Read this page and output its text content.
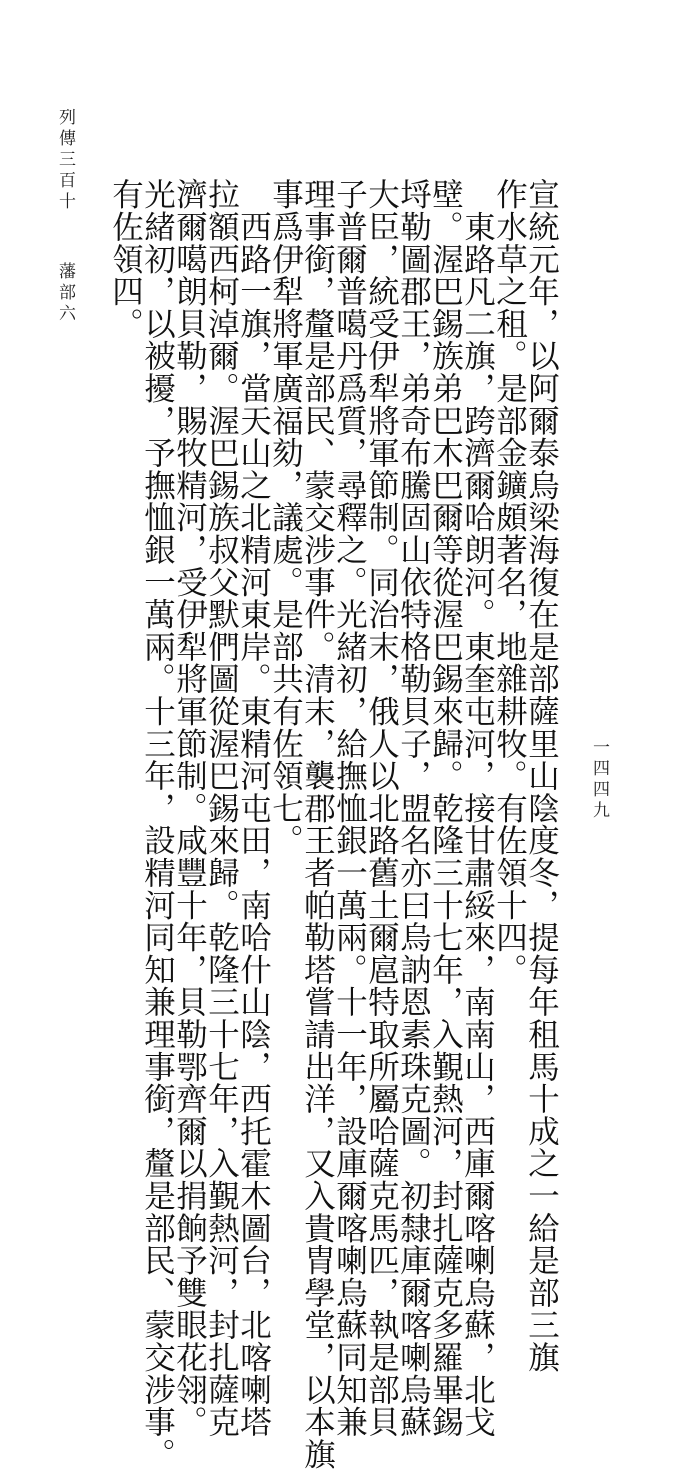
宣統元年，以阿爾泰烏梁海復在是部薩里山陰度冬，提每年租馬十成之一給是部三旗
作水草之租。是部金鑛頗著名，地雜耕牧。有佐領十四。
　東路凡二旗，跨濟爾哈朗河。東奎屯河，接甘肅綏來，南南山，西庫爾喀喇烏蘇，北戈
壁。渥巴錫族弟巴木巴爾等從渥巴錫來歸。乾隆三十七年，入覲熱河，封扎薩克多羅畢錫
埒勒圖郡王，弟奇布騰固山依特格勒貝子，盟名亦曰烏訥恩素珠克圖。初隸庫爾喀喇烏蘇
大臣，統受伊犁將軍節制。同治末，俄人以北路舊土爾扈特取所屬哈薩克馬匹，執是部貝
子普爾普噶丹爲質，尋釋之。光緒初，給撫恤銀一萬兩。十一年，設庫爾喀喇烏蘇同知兼
理事銜，釐是部民、蒙交涉事件。清末，襲郡王者帕勒塔嘗請出洋，又入貴胄學堂，以本旗
事爲伊犁將軍廣福劾，議處。是部共有佐領七。
　西路一旗，當天山之北精河東岸。東精河屯田，南哈什山陰，西托霍木圖台，北喀喇塔
拉額西柯淖爾。渥巴錫族叔父默們圖從渥巴錫來歸。乾隆三十七年，入覲熱河，封扎薩克
濟爾噶朗貝勒，賜牧精河，受伊犁將軍節制。咸豐十年，貝勒鄂齊爾以捐餉予雙眼花翎。
光緒初，以被擾，予撫恤銀一萬兩。十三年，設精河同知兼理事銜，釐是部民、蒙交涉事。
有佐領四。
列傳三百十
藩部六
一四四九
